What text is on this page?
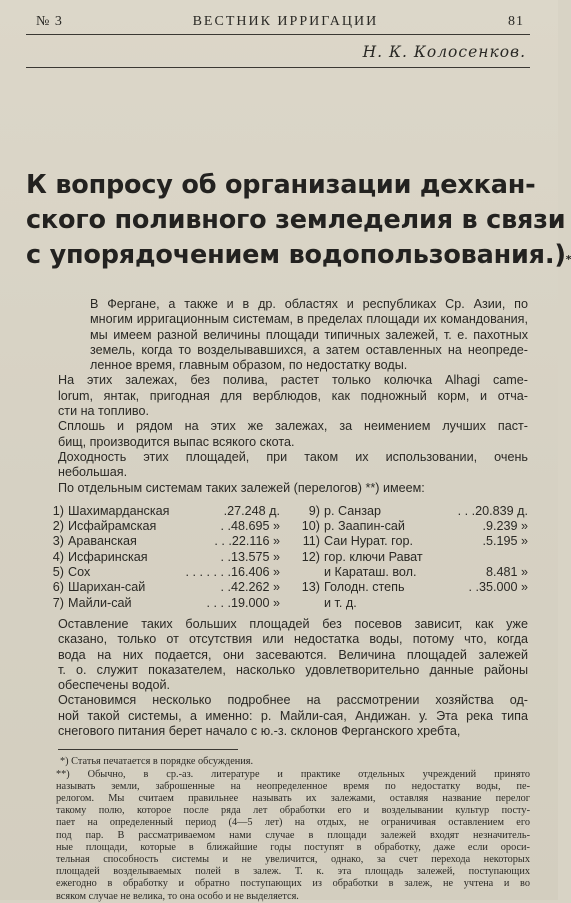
№ 3	ВЕСТНИК ИРРИГАЦИИ	81
Н. К. Колосенков.
К вопросу об организации дехкан-
ского поливного земледелия в связи
с упорядочением водопользования.)*

В Фергане, а также и в др. областях и республиках Ср. Азии, по
многим ирригационным системам, в пределах площади их командования,
мы имеем разной величины площади типичных залежей, т. е. пахотных
земель, когда то возделывавшихся, а затем оставленных на неопреде-
ленное время, главным образом, по недостатку воды.

На этих залежах, без полива, растет только колючка Alhagi came-
lorum, янтак, пригодная для верблюдов, как подножный корм, и отча-
сти на топливо.

Сплошь и рядом на этих же залежах, за неимением лучших паст-
бищ, производится выпас всякого скота.

Доходность этих площадей, при таком их использовании, очень
небольшая.

По отдельным системам таких залежей (перелогов) **) имеем:

1) Шахимарданская	. 27.248 д.
2) Исфайрамская	. . 48.695 »
3) Араванская	. . . 22.116 »
4) Исфаринская	. . 13.575 »
5) Сох	. . . . . . . 16.406 »
6) Шарихан-сай	. . 42.262 »
7) Майли-сай	. . . . 19.000 »
9) р. Санзар	. . . 20.839 д.
10) р. Заапин-сай	. 9.239 »
11) Саи Нурат. гор.	. 5.195 »
12) гор. ключи Рават
и Караташ. вол.	8.481 »
13) Голодн. степь	. . 35.000 »
и т. д.

Оставление таких больших площадей без посевов зависит, как уже
сказано, только от отсутствия или недостатка воды, потому что, когда
вода на них подается, они засеваются. Величина площадей залежей
т. о. служит показателем, насколько удовлетворительно данные районы
обеспечены водой.

Остановимся несколько подробнее на рассмотрении хозяйства од-
ной такой системы, а именно: р. Майли-сая, Андижан. у. Эта река типа
снегового питания берет начало с ю.-з. склонов Ферганского хребта,

*) Статья печатается в порядке обсуждения.
**) Обычно, в ср.-аз. литературе и практике отдельных учреждений принято
называть земли, заброшенные на неопределенное время по недостатку воды, пе-
релогом. Мы считаем правильнее называть их залежами, оставляя название перелог
такому полю, которое после ряда лет обработки его и возделывании культур посту-
пает на определенный период (4—5 лет) на отдых, не ограничивая оставлением его
под пар. В рассматриваемом нами случае в площади залежей входят незначитель-
ные площади, которые в ближайшие годы поступят в обработку, даже если ороси-
тельная способность системы и не увеличится, однако, за счет перехода некоторых
площадей возделываемых полей в залеж. Т. к. эта площадь залежей, поступающих
ежегодно в обработку и обратно поступающих из обработки в залеж, не учтена и во
всяком случае не велика, то она особо и не выделяется.
